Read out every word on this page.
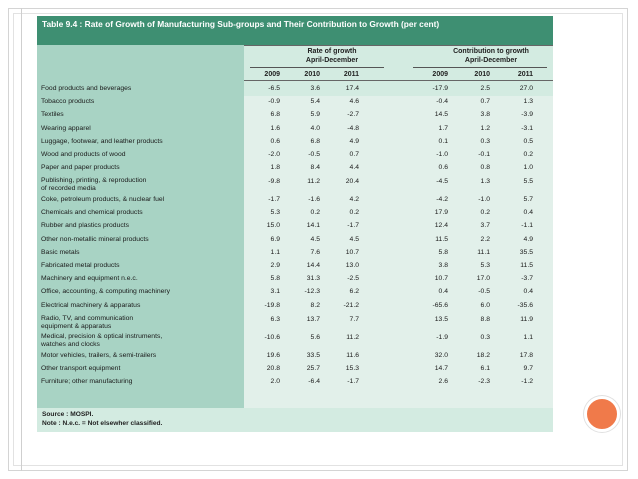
Table 9.4 : Rate of Growth of Manufacturing Sub-groups and Their Contribution to Growth (per cent)
Rate of growth
April-December
Contribution to growth
April-December
2009	2010	2011	2009	2010	2011
Food products and beverages	-6.5	3.6	17.4	-17.9	2.5	27.0
Tobacco products	-0.9	5.4	4.6	-0.4	0.7	1.3
Textiles	6.8	5.9	-2.7	14.5	3.8	-3.9
Wearing apparel	1.6	4.0	-4.8	1.7	1.2	-3.1
Luggage, footwear, and leather products	0.6	6.8	4.9	0.1	0.3	0.5
Wood and products of wood	-2.0	-0.5	0.7	-1.0	-0.1	0.2
Paper and paper products	1.8	8.4	4.4	0.6	0.8	1.0
Publishing, printing, & reproduction
of recorded media
-9.8	11.2	20.4	-4.5	1.3	5.5
Coke, petroleum products, & nuclear fuel	-1.7	-1.6	4.2	-4.2	-1.0	5.7
Chemicals and chemical products	5.3	0.2	0.2	17.9	0.2	0.4
Rubber and plastics products	15.0	14.1	-1.7	12.4	3.7	-1.1
Other non-metallic mineral products	6.9	4.5	4.5	11.5	2.2	4.9
Basic metals	1.1	7.6	10.7	5.8	11.1	35.5
Fabricated metal products	2.9	14.4	13.0	3.8	5.3	11.5
Machinery and equipment n.e.c.	5.8	31.3	-2.5	10.7	17.0	-3.7
Office, accounting, & computing machinery	3.1	-12.3	6.2	0.4	-0.5	0.4
Electrical machinery & apparatus	-19.8	8.2	-21.2	-65.6	6.0	-35.6
Radio, TV, and communication
equipment & apparatus
6.3	13.7	7.7	13.5	8.8	11.9
Medical, precision & optical instruments,
watches and clocks
-10.6	5.6	11.2	-1.9	0.3	1.1
Motor vehicles, trailers, & semi-trailers	19.6	33.5	11.6	32.0	18.2	17.8
Other transport equipment	20.8	25.7	15.3	14.7	6.1	9.7
Furniture; other manufacturing	2.0	-6.4	-1.7	2.6	-2.3	-1.2
Source : MOSPI.
Note : N.e.c. = Not elsewher classified.
